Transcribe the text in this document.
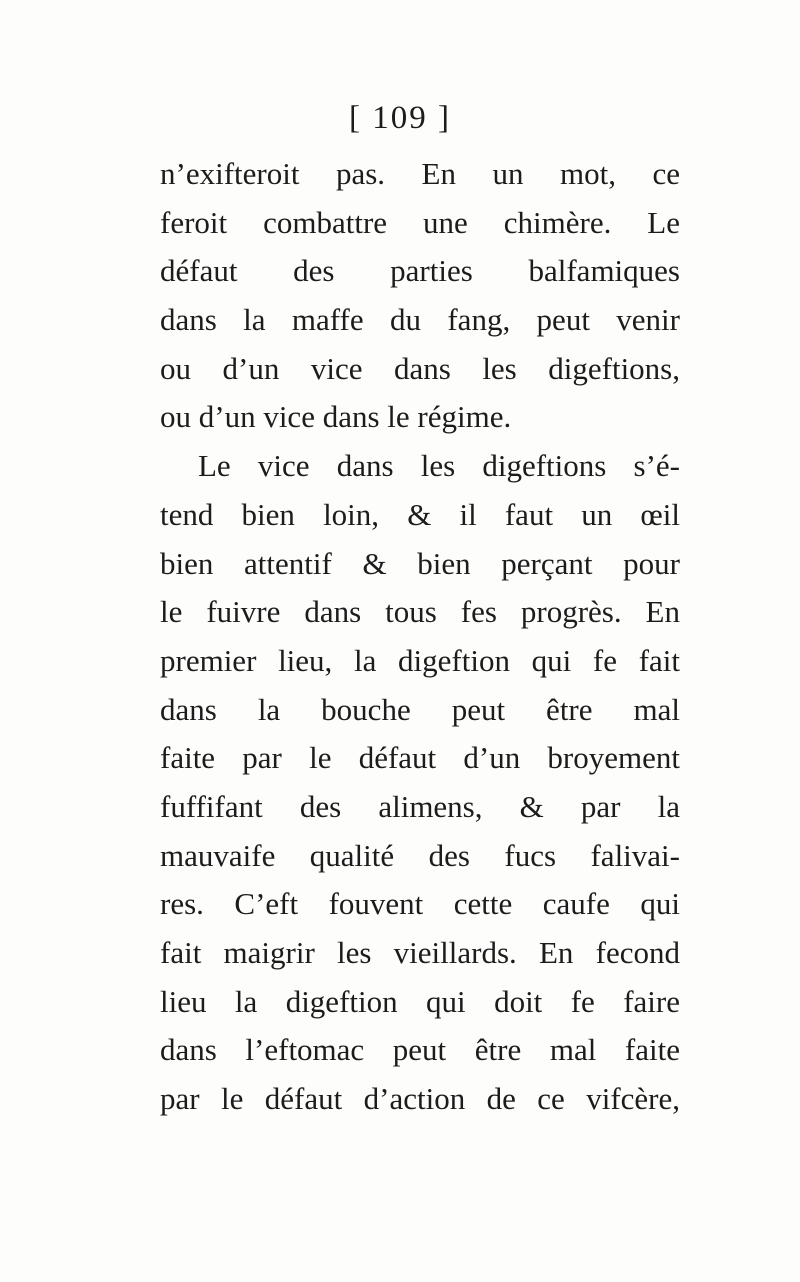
[ 109 ]
n’exifteroit pas. En un mot, ce
feroit combattre une chimère. Le
défaut des parties balfamiques
dans la maffe du fang, peut venir
ou d’un vice dans les digeftions,
ou d’un vice dans le régime.
Le vice dans les digeftions s’é-
tend bien loin, & il faut un œil
bien attentif & bien perçant pour
le fuivre dans tous fes progrès. En
premier lieu, la digeftion qui fe fait
dans la bouche peut être mal
faite par le défaut d’un broyement
fuffifant des alimens, & par la
mauvaife qualité des fucs falivai-
res. C’eft fouvent cette caufe qui
fait maigrir les vieillards. En fecond
lieu la digeftion qui doit fe faire
dans l’eftomac peut être mal faite
par le défaut d’action de ce vifcère,
